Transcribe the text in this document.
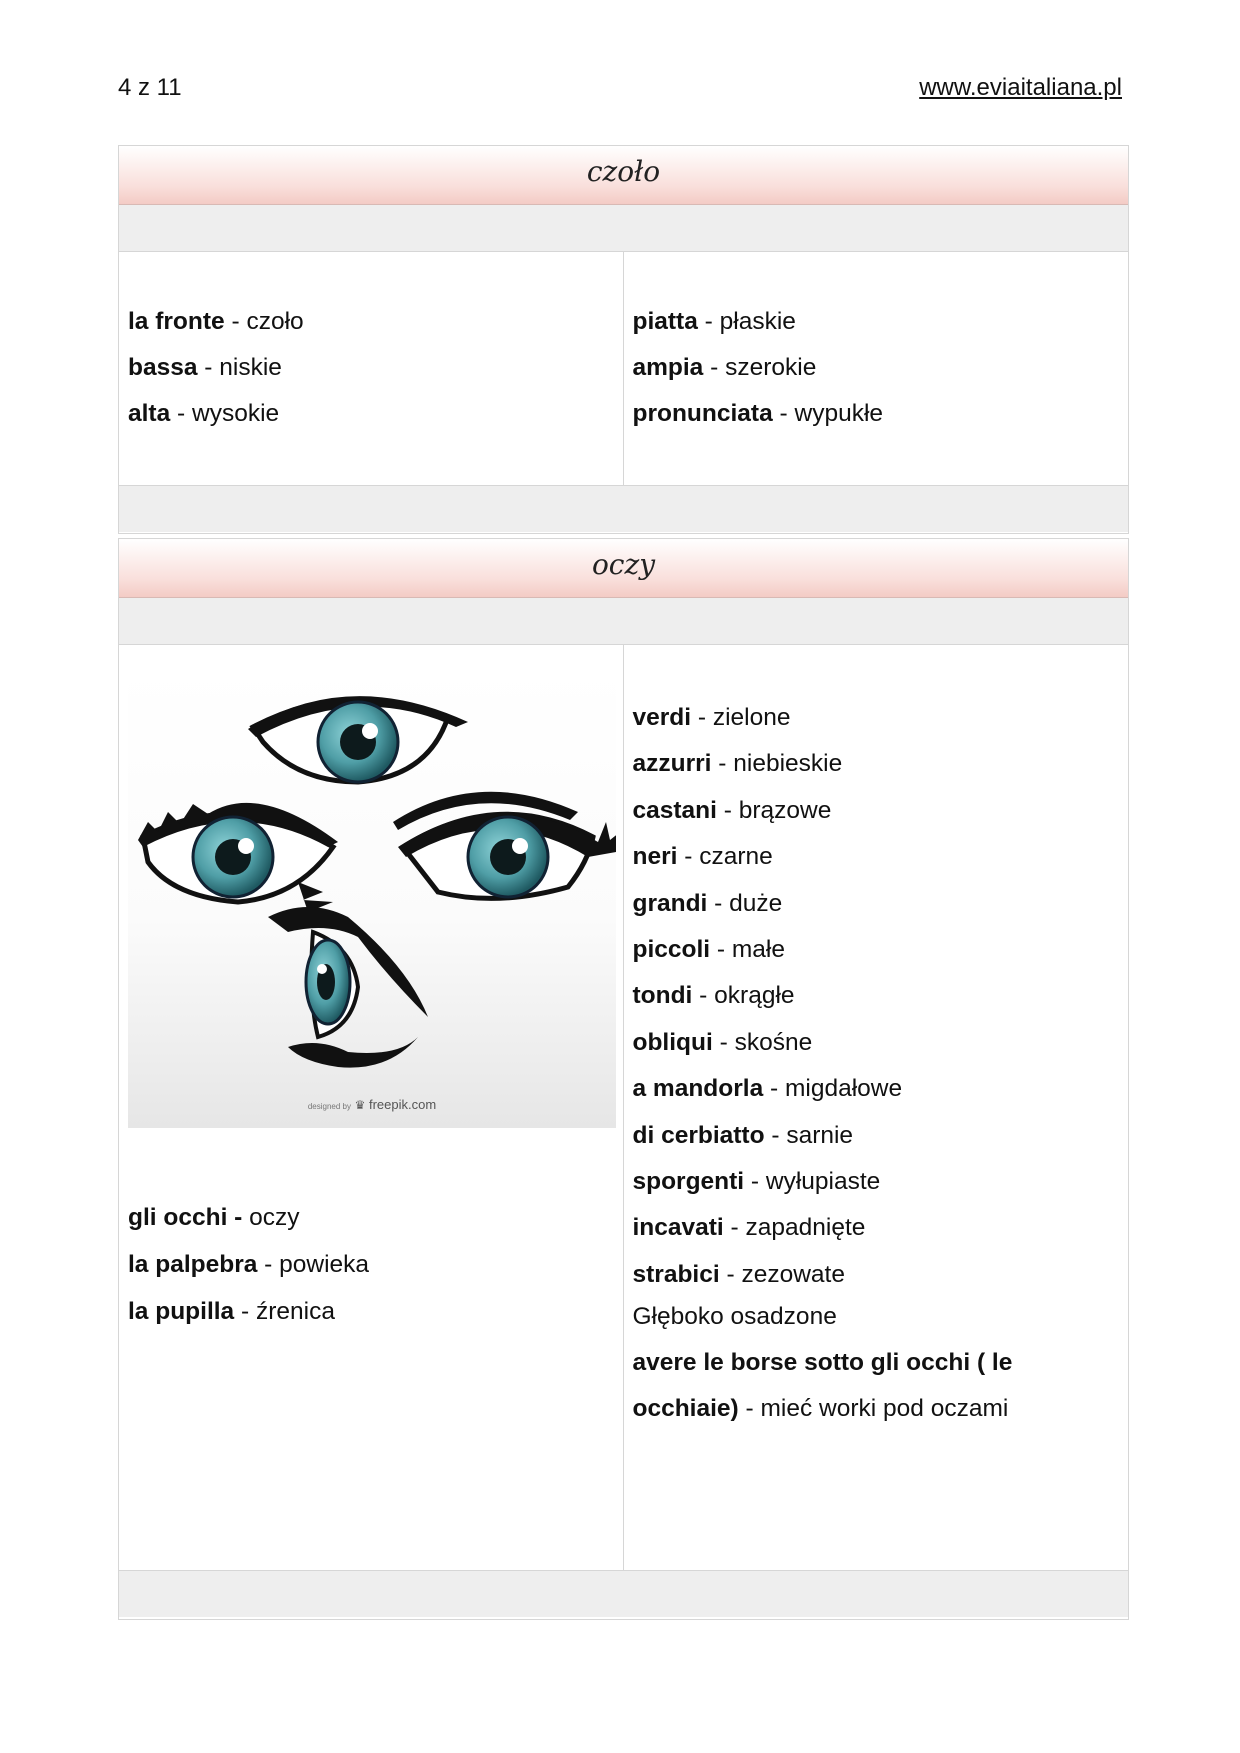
4 z 11	www.eviaitaliana.pl
czoło
la fronte - czoło
bassa - niskie
alta - wysokie
piatta - płaskie
ampia - szerokie
pronunciata - wypukłe
oczy
designed by ♛ freepik.com
gli occhi - oczy
la palpebra - powieka
la pupilla - źrenica
verdi - zielone
azzurri - niebieskie
castani - brązowe
neri - czarne
grandi - duże
piccoli - małe
tondi - okrągłe
obliqui - skośne
a mandorla - migdałowe
di cerbiatto - sarnie
sporgenti - wyłupiaste
incavati - zapadnięte
strabici - zezowate
Głęboko osadzone
avere le borse sotto gli occhi ( le
occhiaie) - mieć worki pod oczami
